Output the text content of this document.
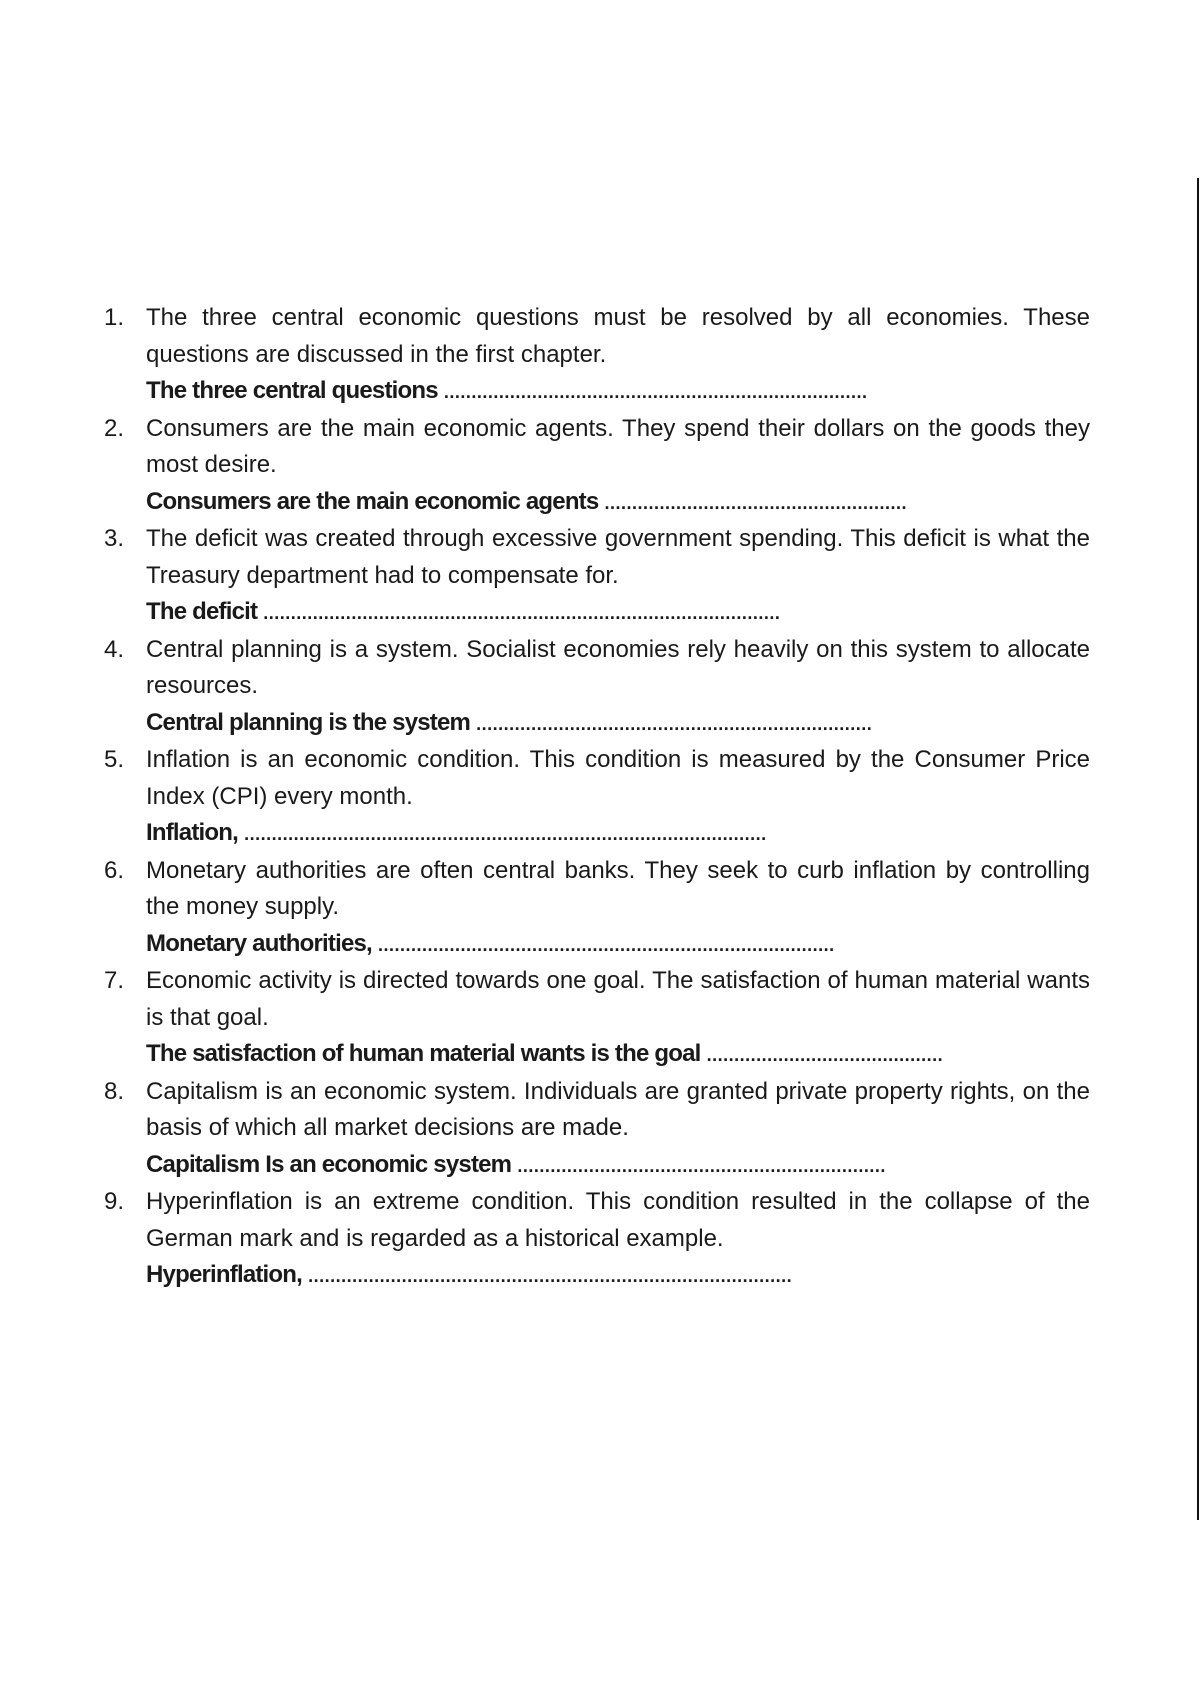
1. The three central economic questions must be resolved by all economies. These questions are discussed in the first chapter.

The three central questions .............................................................................
2. Consumers are the main economic agents. They spend their dollars on the goods they most desire.

Consumers are the main economic agents .......................................................
3. The deficit was created through excessive government spending. This deficit is what the Treasury department had to compensate for.

The deficit ..............................................................................................
4. Central planning is a system. Socialist economies rely heavily on this system to allocate resources.

Central planning is the system ........................................................................
5. Inflation is an economic condition. This condition is measured by the Consumer Price Index (CPI) every month.

Inflation, ...............................................................................................
6. Monetary authorities are often central banks. They seek to curb inflation by controlling the money supply.

Monetary authorities, ...................................................................................
7. Economic activity is directed towards one goal. The satisfaction of human material wants is that goal.

The satisfaction of human material wants is the goal ...........................................
8. Capitalism is an economic system. Individuals are granted private property rights, on the basis of which all market decisions are made.

Capitalism Is an economic system ...................................................................
9. Hyperinflation is an extreme condition. This condition resulted in the collapse of the German mark and is regarded as a historical example.

Hyperinflation, ........................................................................................
